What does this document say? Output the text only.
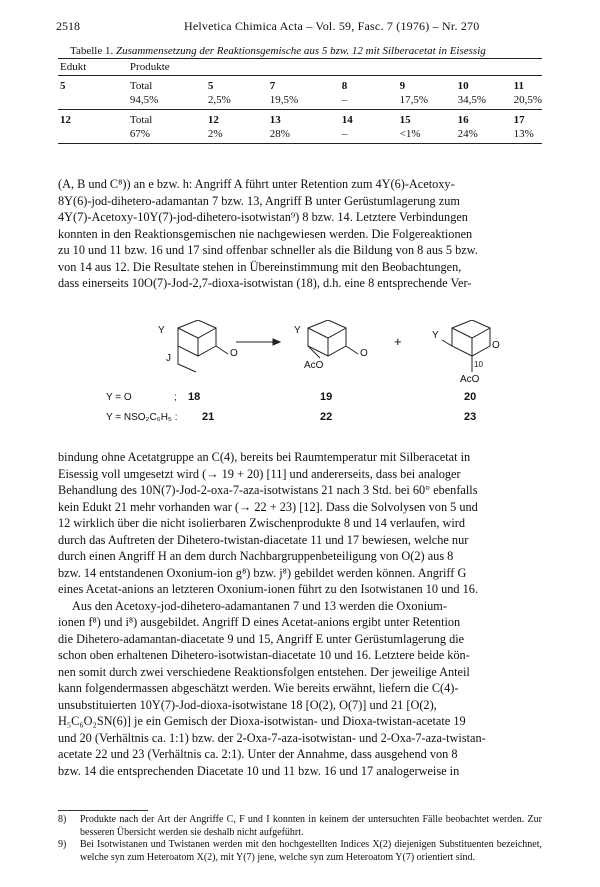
2518	Helvetica Chimica Acta – Vol. 59, Fasc. 7 (1976) – Nr. 270
Tabelle 1. Zusammensetzung der Reaktionsgemische aus 5 bzw. 12 mit Silberacetat in Eisessig
Edukt	Produkte						
5	Total	5	7	8	9	10	11
	94,5%	2,5%	19,5%	–	17,5%	34,5%	20,5%
12	Total	12	13	14	15	16	17
	67%	2%	28%	–	<1%	24%	13%

(A, B und C⁸)) an e bzw. h: Angriff A führt unter Retention zum 4Y(6)-Acetoxy-

8Y(6)-jod-dihetero-adamantan 7 bzw. 13, Angriff B unter Gerüstumlagerung zum

4Y(7)-Acetoxy-10Y(7)-jod-dihetero-isotwistan⁹) 8 bzw. 14. Letztere Verbindungen

konnten in den Reaktionsgemischen nie nachgewiesen werden. Die Folgereaktionen

zu 10 und 11 bzw. 16 und 17 sind offenbar schneller als die Bildung von 8 aus 5 bzw.

von 14 aus 12. Die Resultate stehen in Übereinstimmung mit den Beobachtungen,

dass einerseits 10O(7)-Jod-2,7-dioxa-isotwistan (18), d.h. eine 8 entsprechende Ver-

Y
J	O
Y
AcO
O
+	Y
O
10
AcO
Y = O	; 18	19	20
Y = NSO₂C₆H₅ : 21	22	23

bindung ohne Acetatgruppe an C(4), bereits bei Raumtemperatur mit Silberacetat in

Eisessig voll umgesetzt wird (→ 19 + 20) [11] und andererseits, dass bei analoger

Behandlung des 10N(7)-Jod-2-oxa-7-aza-isotwistans 21 nach 3 Std. bei 60° ebenfalls

kein Edukt 21 mehr vorhanden war (→ 22 + 23) [12]. Dass die Solvolysen von 5 und

12 wirklich über die nicht isolierbaren Zwischenprodukte 8 und 14 verlaufen, wird

durch das Auftreten der Dihetero-twistan-diacetate 11 und 17 bewiesen, welche nur

durch einen Angriff H an dem durch Nachbargruppenbeteiligung von O(2) aus 8

bzw. 14 entstandenen Oxonium-ion g⁸) bzw. j⁸) gebildet werden können. Angriff G

eines Acetat-anions an letzteren Oxonium-ionen führt zu den Isotwistanen 10 und 16.

Aus den Acetoxy-jod-dihetero-adamantanen 7 und 13 werden die Oxonium-

ionen f⁸) und i⁸) ausgebildet. Angriff D eines Acetat-anions ergibt unter Retention

die Dihetero-adamantan-diacetate 9 und 15, Angriff E unter Gerüstumlagerung die

schon oben erhaltenen Dihetero-isotwistan-diacetate 10 und 16. Letztere beide kön-

nen somit durch zwei verschiedene Reaktionsfolgen entstehen. Der jeweilige Anteil

kann folgendermassen abgeschätzt werden. Wie bereits erwähnt, liefern die C(4)-

unsubstituierten 10Y(7)-Jod-dioxa-isotwistane 18 [O(2), O(7)] und 21 [O(2),

H₅C₆O₂SN(6)] je ein Gemisch der Dioxa-isotwistan- und Dioxa-twistan-acetate 19

und 20 (Verhältnis ca. 1:1) bzw. der 2-Oxa-7-aza-isotwistan- und 2-Oxa-7-aza-twistan-

acetate 22 und 23 (Verhältnis ca. 2:1). Unter der Annahme, dass ausgehend von 8

bzw. 14 die entsprechenden Diacetate 10 und 11 bzw. 16 und 17 analogerweise in

8) Produkte nach der Art der Angriffe C, F und I konnten in keinem der untersuchten Fälle beobachtet werden. Zur besseren Übersicht werden sie deshalb nicht aufgeführt.
9) Bei Isotwistanen und Twistanen werden mit den hochgestellten Indices X(2) diejenigen Substituenten bezeichnet, welche syn zum Heteroatom X(2), mit Y(7) jene, welche syn zum Heteroatom Y(7) orientiert sind.
